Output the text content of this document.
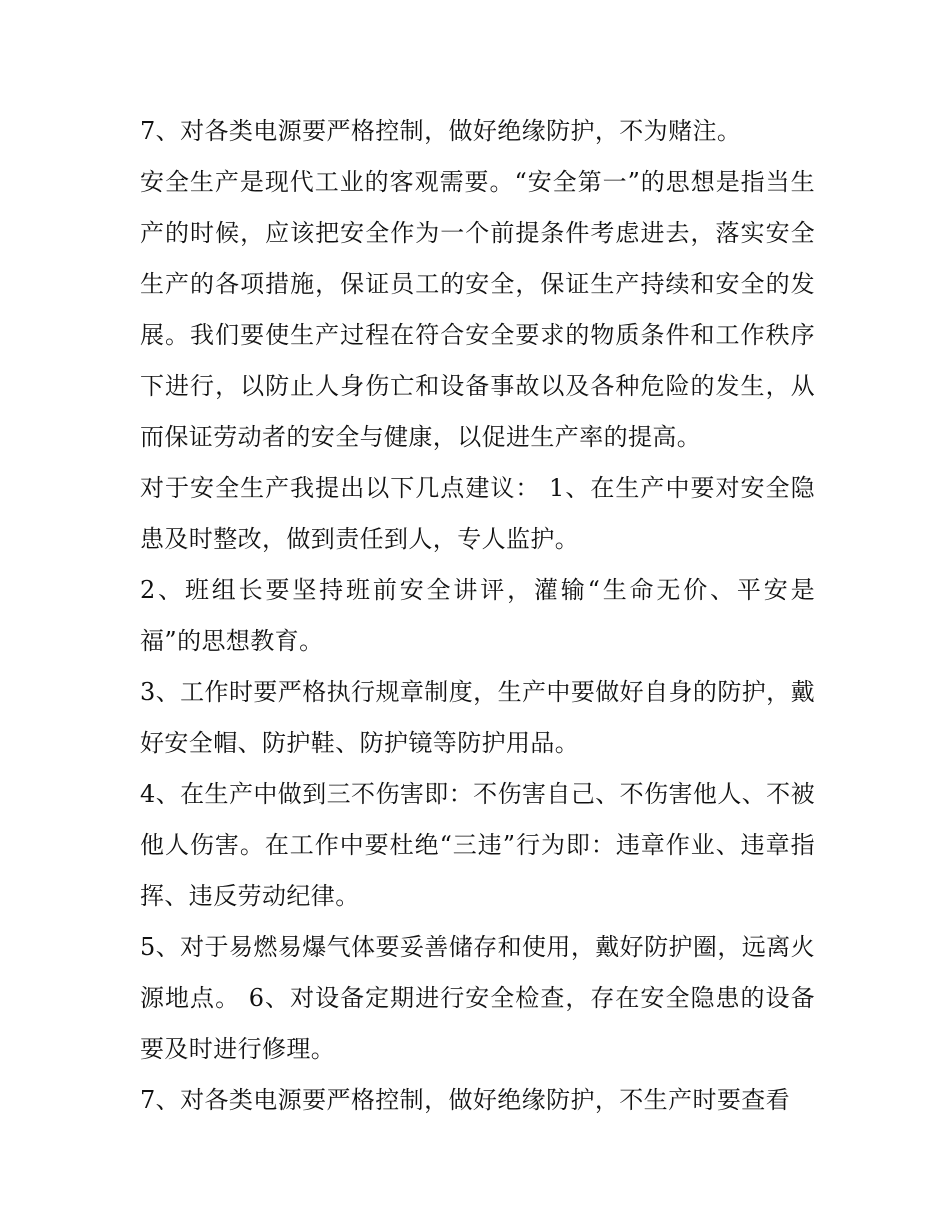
7、对各类电源要严格控制，做好绝缘防护，不为赌注。

安全生产是现代工业的客观需要。“安全第一”的思想是指当生产的时候，应该把安全作为一个前提条件考虑进去，落实安全生产的各项措施，保证员工的安全，保证生产持续和安全的发展。我们要使生产过程在符合安全要求的物质条件和工作秩序下进行，以防止人身伤亡和设备事故以及各种危险的发生，从而保证劳动者的安全与健康，以促进生产率的提高。

对于安全生产我提出以下几点建议： 1、在生产中要对安全隐患及时整改，做到责任到人，专人监护。

2、班组长要坚持班前安全讲评，灌输“生命无价、平安是福”的思想教育。

3、工作时要严格执行规章制度，生产中要做好自身的防护，戴好安全帽、防护鞋、防护镜等防护用品。

4、在生产中做到三不伤害即：不伤害自己、不伤害他人、不被他人伤害。在工作中要杜绝“三违”行为即：违章作业、违章指挥、违反劳动纪律。

5、对于易燃易爆气体要妥善储存和使用，戴好防护圈，远离火源地点。 6、对设备定期进行安全检查，存在安全隐患的设备要及时进行修理。

7、对各类电源要严格控制，做好绝缘防护，不生产时要查看
